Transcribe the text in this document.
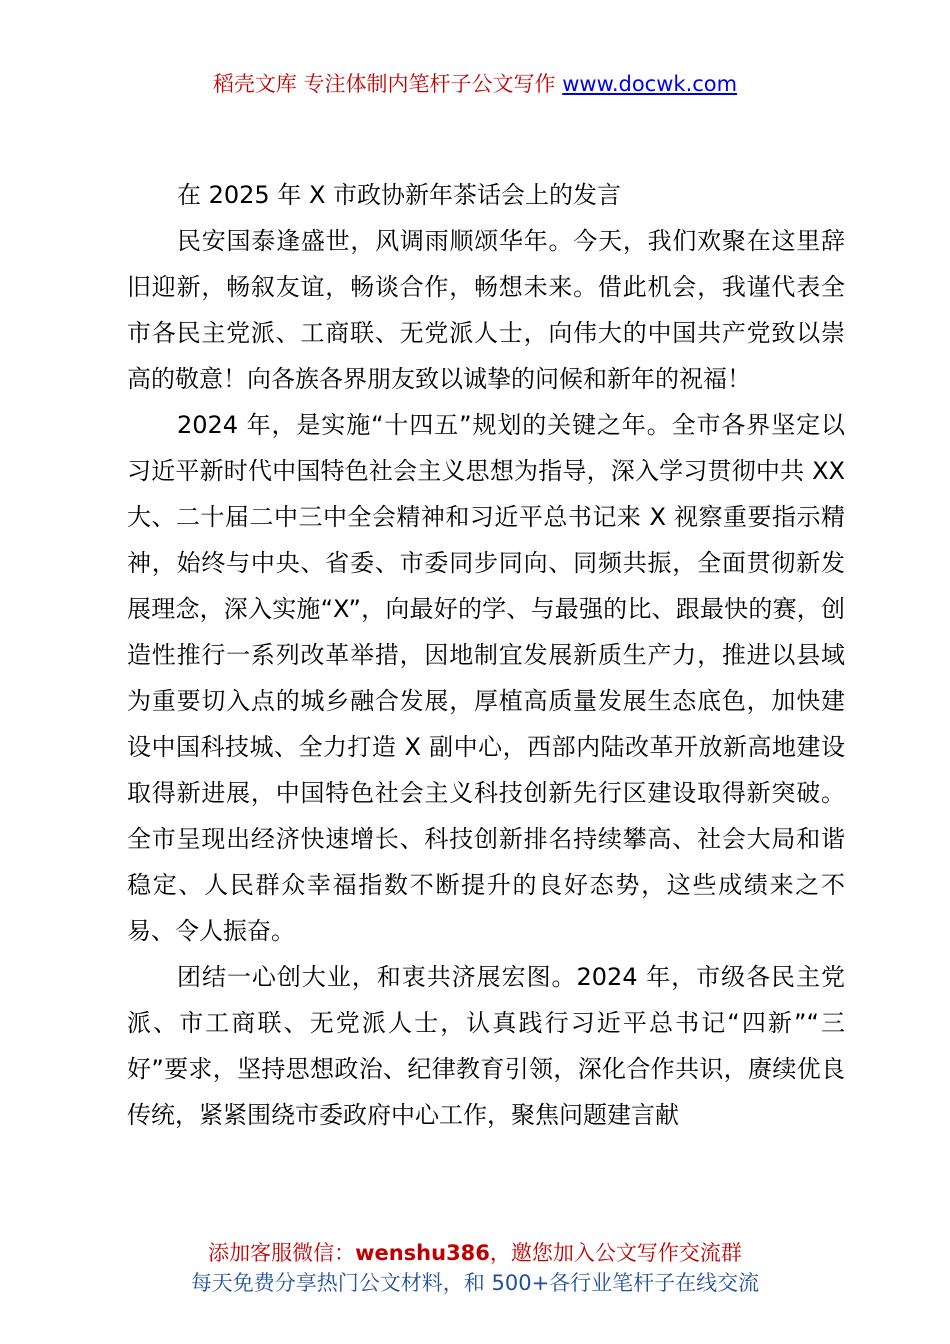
稻壳文库 专注体制内笔杆子公文写作 www.docwk.com

在 2025 年 X 市政协新年茶话会上的发言

民安国泰逢盛世，风调雨顺颂华年。今天，我们欢聚在这里辞旧迎新，畅叙友谊，畅谈合作，畅想未来。借此机会，我谨代表全市各民主党派、工商联、无党派人士，向伟大的中国共产党致以崇高的敬意！向各族各界朋友致以诚挚的问候和新年的祝福！

2024 年，是实施“十四五”规划的关键之年。全市各界坚定以习近平新时代中国特色社会主义思想为指导，深入学习贯彻中共 XX 大、二十届二中三中全会精神和习近平总书记来 X 视察重要指示精神，始终与中央、省委、市委同步同向、同频共振，全面贯彻新发展理念，深入实施“X”，向最好的学、与最强的比、跟最快的赛，创造性推行一系列改革举措，因地制宜发展新质生产力，推进以县域为重要切入点的城乡融合发展，厚植高质量发展生态底色，加快建设中国科技城、全力打造 X 副中心，西部内陆改革开放新高地建设取得新进展，中国特色社会主义科技创新先行区建设取得新突破。全市呈现出经济快速增长、科技创新排名持续攀高、社会大局和谐稳定、人民群众幸福指数不断提升的良好态势，这些成绩来之不易、令人振奋。

团结一心创大业，和衷共济展宏图。2024 年，市级各民主党派、市工商联、无党派人士，认真践行习近平总书记“四新”“三好”要求，坚持思想政治、纪律教育引领，深化合作共识，赓续优良传统，紧紧围绕市委政府中心工作，聚焦问题建言献

添加客服微信：wenshu386，邀您加入公文写作交流群
每天免费分享热门公文材料，和 500+各行业笔杆子在线交流
